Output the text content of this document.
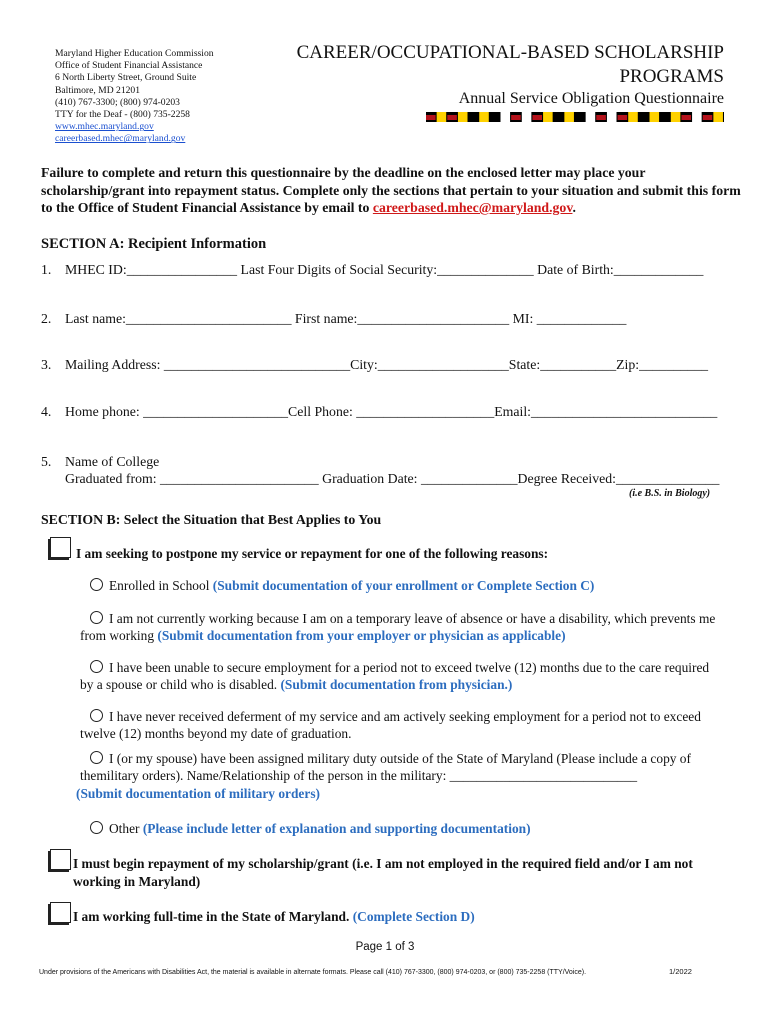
Maryland Higher Education Commission
Office of Student Financial Assistance
6 North Liberty Street, Ground Suite
Baltimore, MD 21201
(410) 767-3300; (800) 974-0203
TTY for the Deaf - (800) 735-2258
www.mhec.maryland.gov
careerbased.mhec@maryland.gov
CAREER/OCCUPATIONAL-BASED SCHOLARSHIP
PROGRAMS
Annual Service Obligation Questionnaire
Failure to complete and return this questionnaire by the deadline on the enclosed letter may place your scholarship/grant into repayment status. Complete only the sections that pertain to your situation and submit this form to the Office of Student Financial Assistance by email to careerbased.mhec@maryland.gov.
SECTION A: Recipient Information
1. MHEC ID:________________ Last Four Digits of Social Security:______________ Date of Birth:_____________
2. Last name:________________________ First name:______________________ MI: _____________
3. Mailing Address: ___________________________City:___________________State:___________Zip:__________
4. Home phone: _____________________Cell Phone: ____________________Email:___________________________
5. Name of College
Graduated from: _______________________ Graduation Date: ______________Degree Received:_______________
(i.e B.S. in Biology)
SECTION B: Select the Situation that Best Applies to You
I am seeking to postpone my service or repayment for one of the following reasons:
Enrolled in School (Submit documentation of your enrollment or Complete Section C)
I am not currently working because I am on a temporary leave of absence or have a disability, which prevents me
from working (Submit documentation from your employer or physician as applicable)
I have been unable to secure employment for a period not to exceed twelve (12) months due to the care required
by a spouse or child who is disabled. (Submit documentation from physician.)
I have never received deferment of my service and am actively seeking employment for a period not to exceed
twelve (12) months beyond my date of graduation.
I (or my spouse) have been assigned military duty outside of the State of Maryland (Please include a copy of
themilitary orders). Name/Relationship of the person in the military: ____________________________
(Submit documentation of military orders)
Other (Please include letter of explanation and supporting documentation)
I must begin repayment of my scholarship/grant (i.e. I am not employed in the required field and/or I am not
working in Maryland)
I am working full-time in the State of Maryland. (Complete Section D)
Page 1 of 3
Under provisions of the Americans with Disabilities Act, the material is available in alternate formats. Please call (410) 767-3300, (800) 974-0203, or (800) 735-2258 (TTY/Voice).	1/2022
